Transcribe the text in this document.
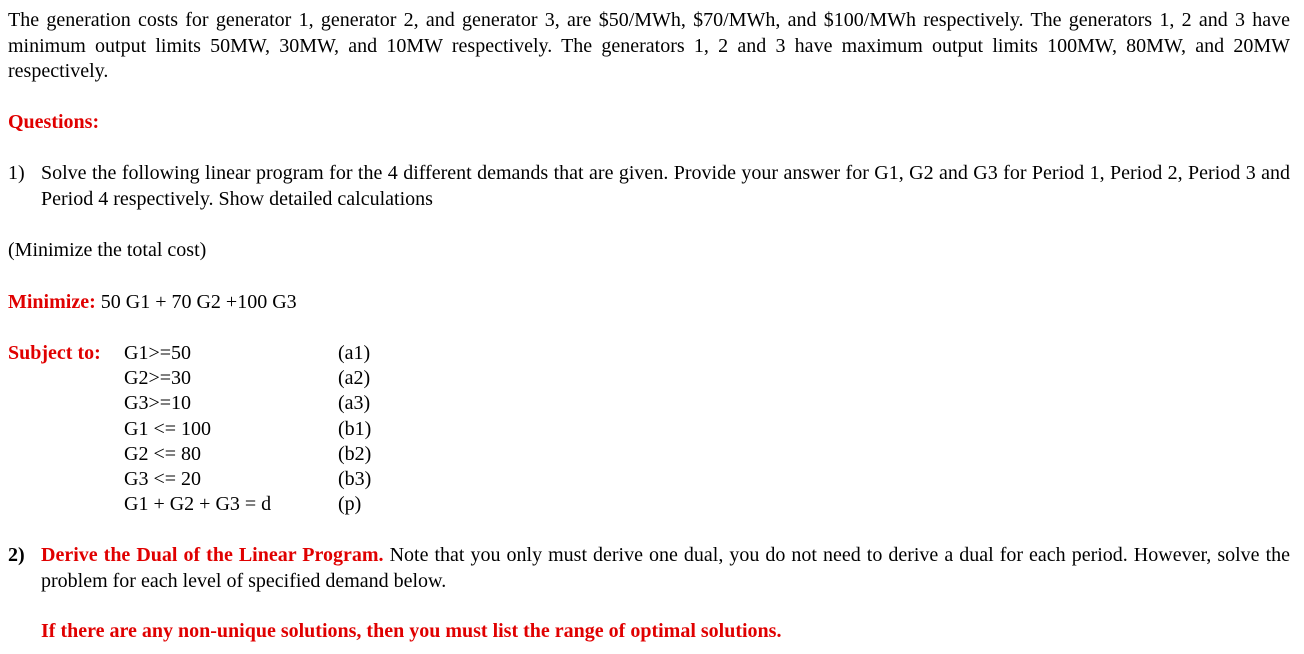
The generation costs for generator 1, generator 2, and generator 3, are $50/MWh, $70/MWh, and $100/MWh respectively. The generators 1, 2 and 3 have minimum output limits 50MW, 30MW, and 10MW respectively. The generators 1, 2 and 3 have maximum output limits 100MW, 80MW, and 20MW respectively.
Questions:
1) Solve the following linear program for the 4 different demands that are given. Provide your answer for G1, G2 and G3 for Period 1, Period 2, Period 3 and Period 4 respectively. Show detailed calculations
(Minimize the total cost)
Minimize: 50 G1 + 70 G2 +100 G3
Subject to: G1>=50	(a1)
G2>=30	(a2)
G3>=10	(a3)
G1 <= 100	(b1)
G2 <= 80	(b2)
G3 <= 20	(b3)
G1 + G2 + G3 = d	(p)
2) Derive the Dual of the Linear Program. Note that you only must derive one dual, you do not need to derive a dual for each period. However, solve the problem for each level of specified demand below.
If there are any non-unique solutions, then you must list the range of optimal solutions.
